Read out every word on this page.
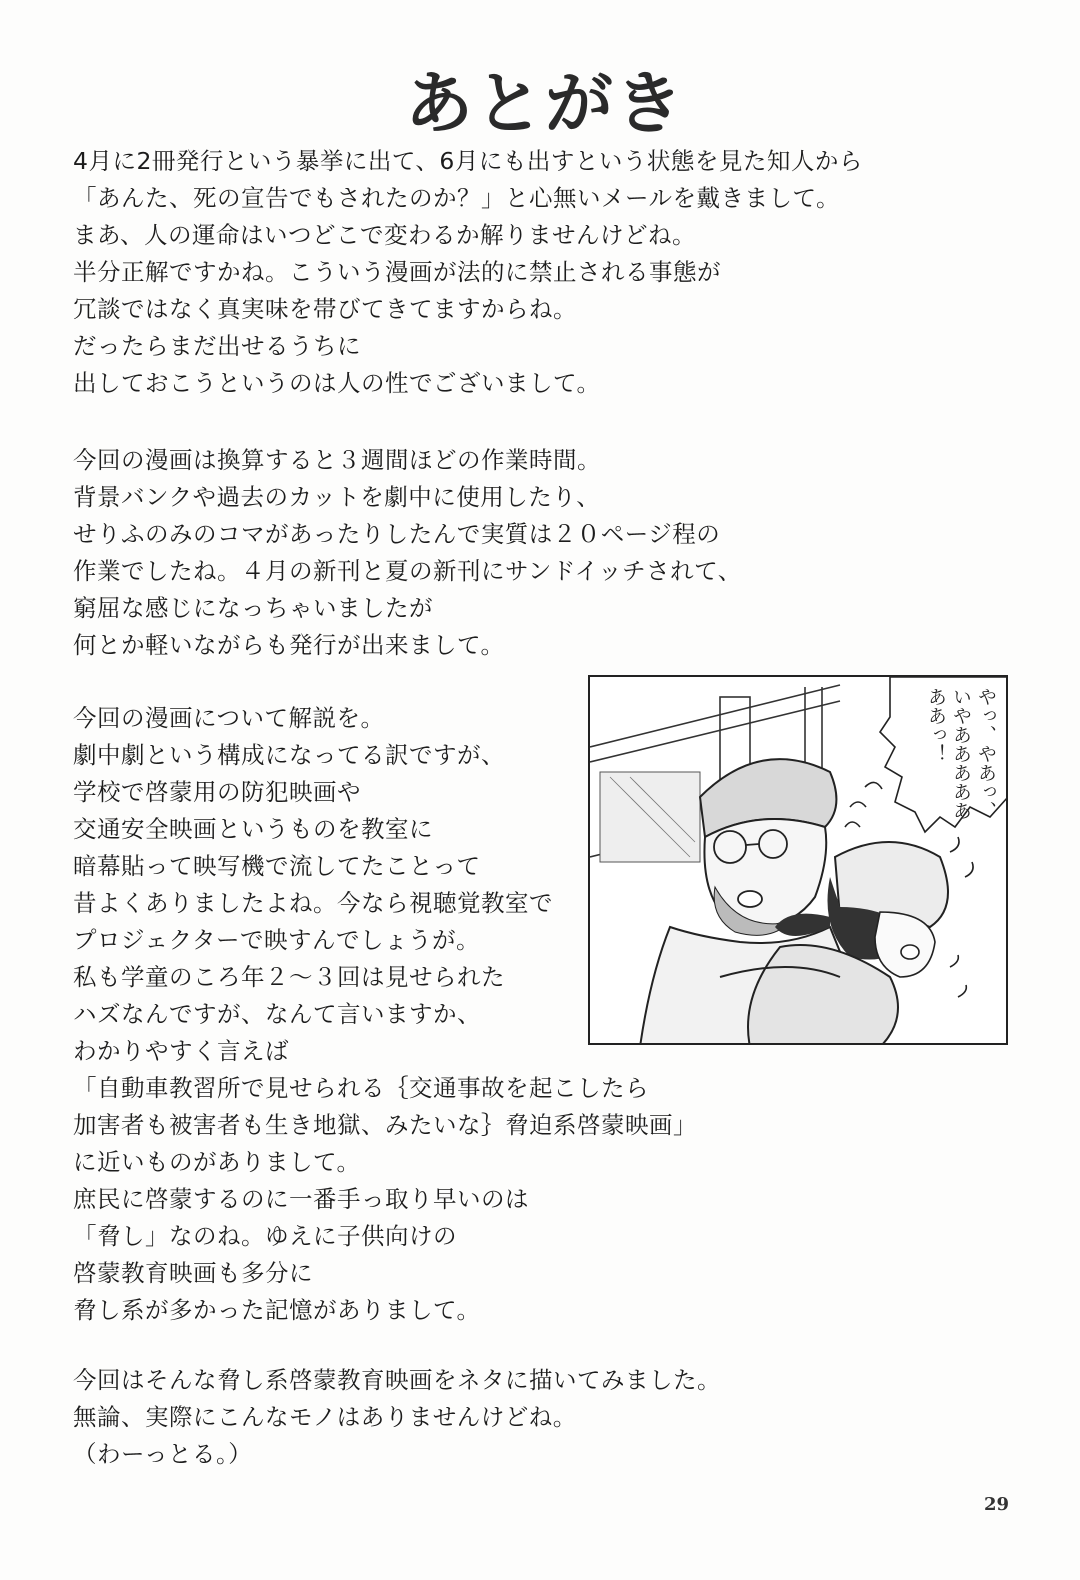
あとがき
4月に2冊発行という暴挙に出て、6月にも出すという状態を見た知人から
「あんた、死の宣告でもされたのか？」と心無いメールを戴きまして。
まあ、人の運命はいつどこで変わるか解りませんけどね。
半分正解ですかね。こういう漫画が法的に禁止される事態が
冗談ではなく真実味を帯びてきてますからね。
だったらまだ出せるうちに
出しておこうというのは人の性でございまして。
今回の漫画は換算すると３週間ほどの作業時間。
背景バンクや過去のカットを劇中に使用したり、
せりふのみのコマがあったりしたんで実質は２０ページ程の
作業でしたね。４月の新刊と夏の新刊にサンドイッチされて、
窮屈な感じになっちゃいましたが
何とか軽いながらも発行が出来まして。
今回の漫画について解説を。
劇中劇という構成になってる訳ですが、
学校で啓蒙用の防犯映画や
交通安全映画というものを教室に
暗幕貼って映写機で流してたことって
昔よくありましたよね。今なら視聴覚教室で
プロジェクターで映すんでしょうが。
私も学童のころ年２～３回は見せられた
ハズなんですが、なんて言いますか、
わかりやすく言えば
「自動車教習所で見せられる｛交通事故を起こしたら
加害者も被害者も生き地獄、みたいな｝脅迫系啓蒙映画」
に近いものがありまして。
庶民に啓蒙するのに一番手っ取り早いのは
「脅し」なのね。ゆえに子供向けの
啓蒙教育映画も多分に
脅し系が多かった記憶がありまして。
今回はそんな脅し系啓蒙教育映画をネタに描いてみました。
無論、実際にこんなモノはありませんけどね。
（わーっとる。）
やっ、やあっ、
いやあああああ
ああっ！
29
